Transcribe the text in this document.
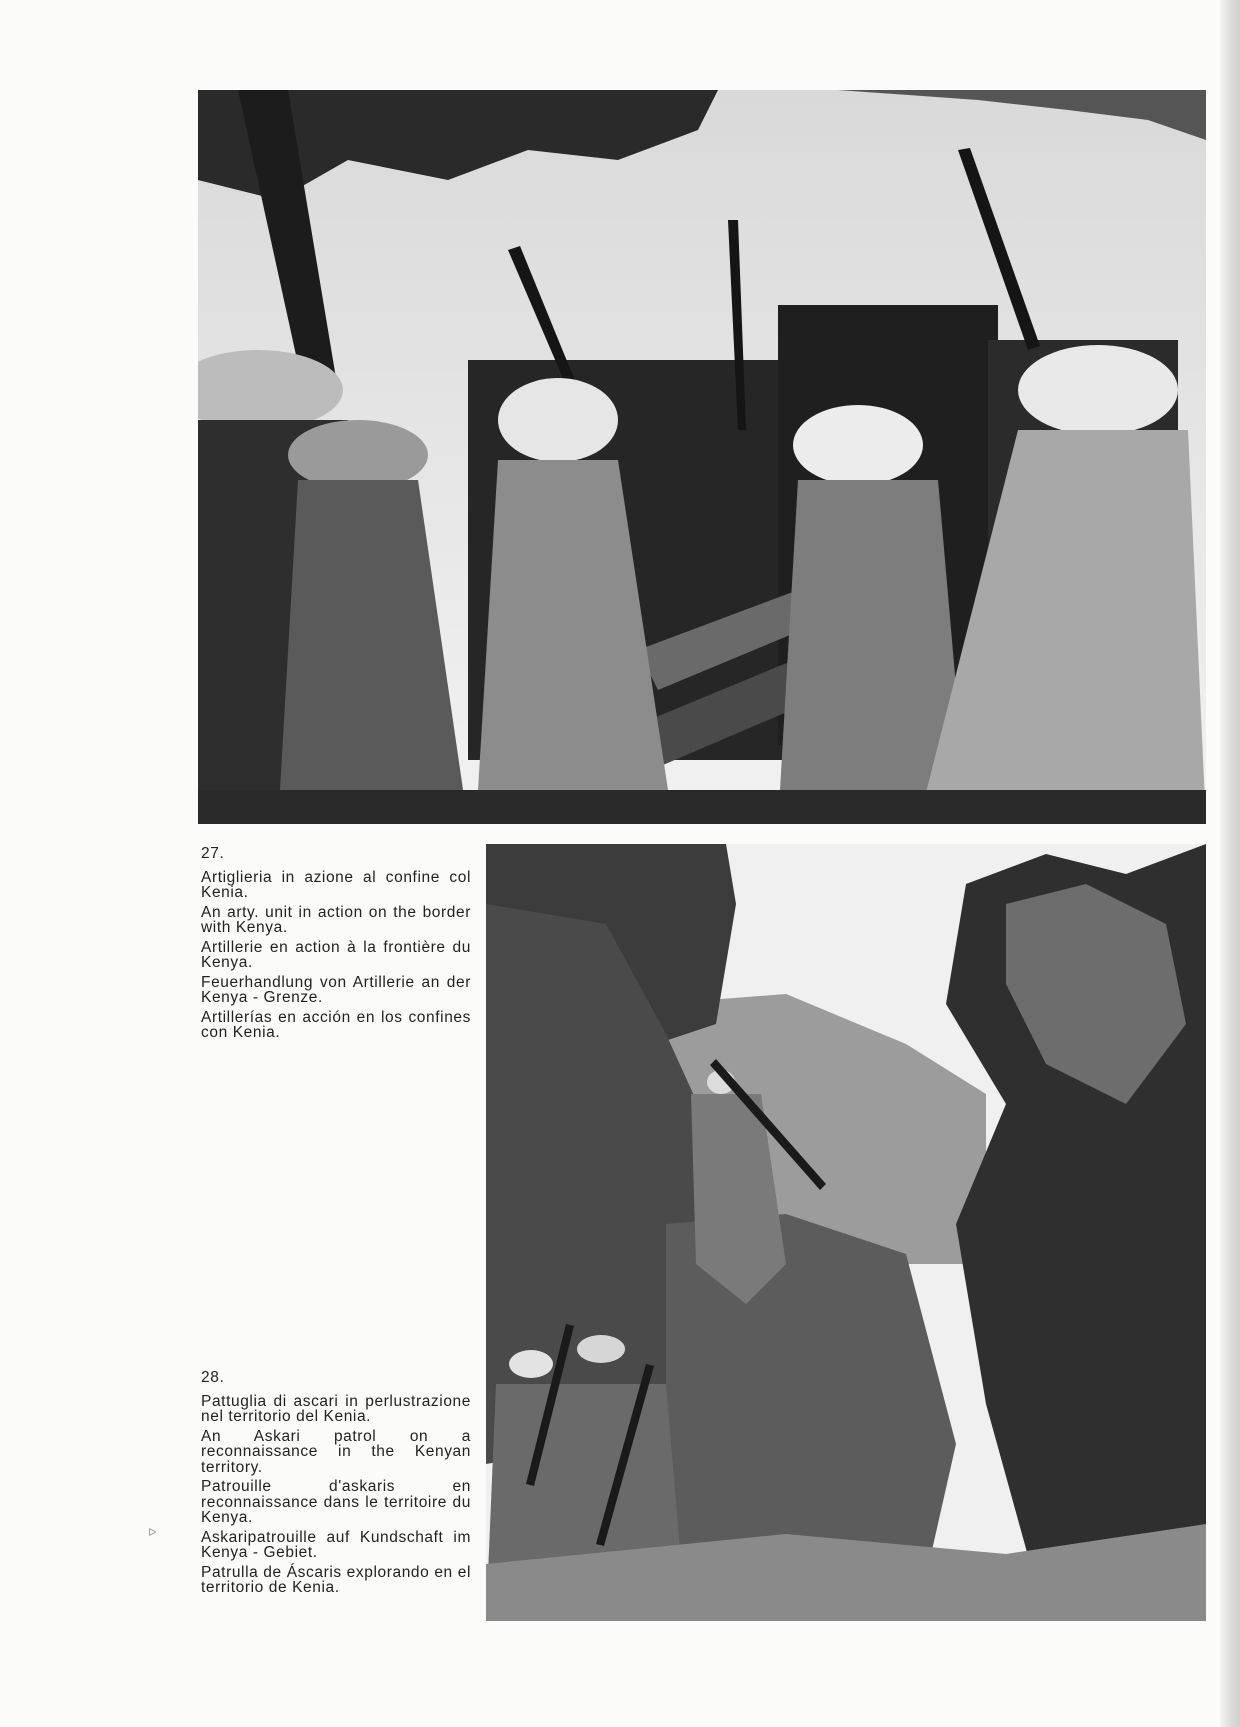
27.
Artiglieria in azione al confine col Kenia.
An arty. unit in action on the border with Kenya.
Artillerie en action à la frontière du Kenya.
Feuerhandlung von Artillerie an der Kenya - Grenze.
Artillerías en acción en los confines con Kenia.
28.
Pattuglia di ascari in perlustrazione nel territorio del Kenia.
An Askari patrol on a reconnaissance in the Kenyan territory.
Patrouille d'askaris en reconnaissance dans le territoire du Kenya.
Askaripatrouille auf Kundschaft im Kenya - Gebiet.
Patrulla de Áscaris explorando en el territorio de Kenia.
ᐅ
